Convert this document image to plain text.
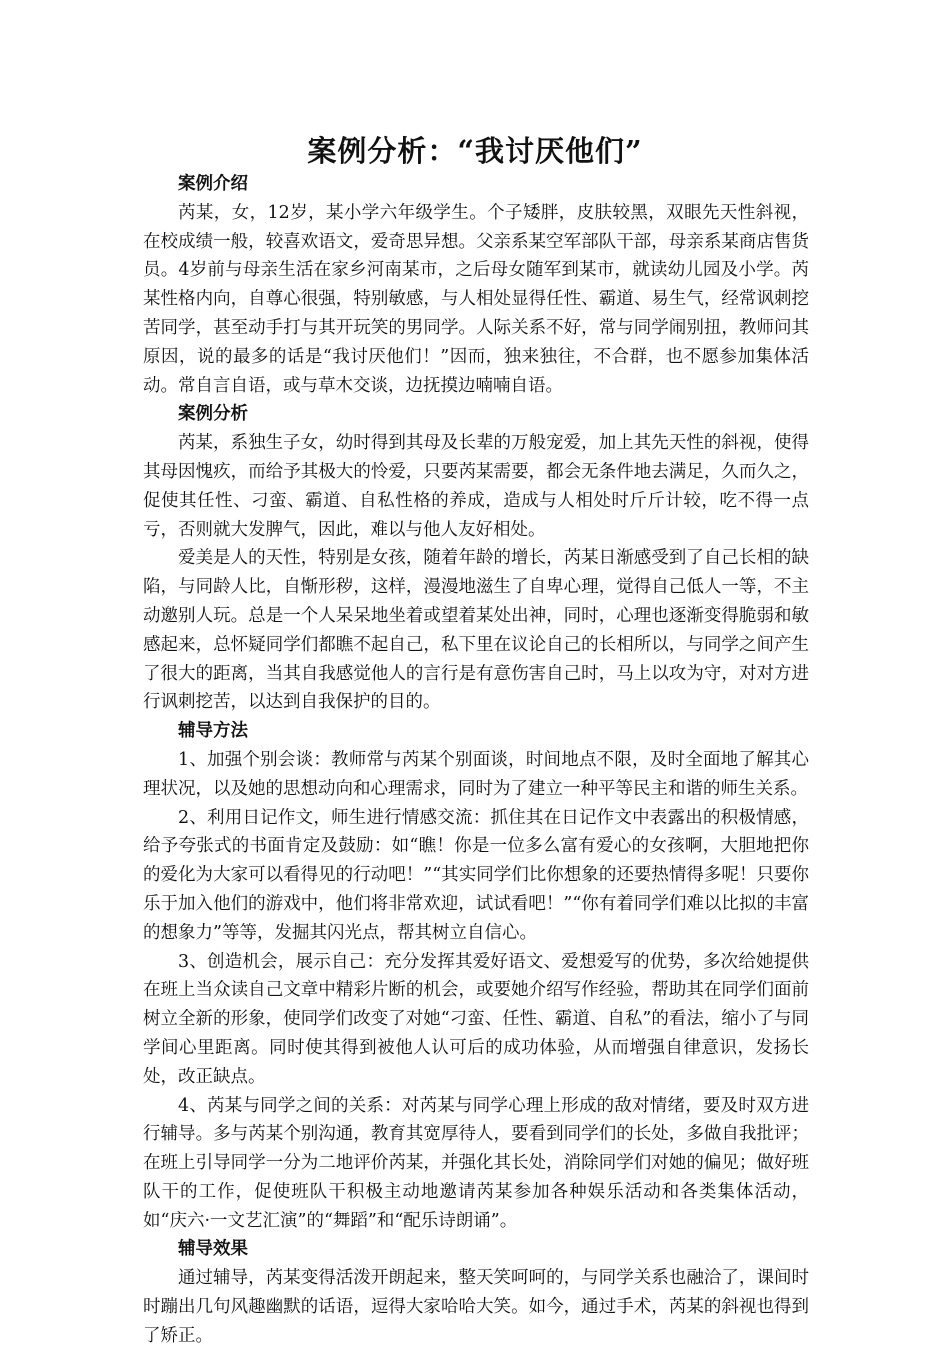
案例分析：“我讨厌他们”
案例介绍

芮某，女，12岁，某小学六年级学生。个子矮胖，皮肤较黑，双眼先天性斜视，在校成绩一般，较喜欢语文，爱奇思异想。父亲系某空军部队干部，母亲系某商店售货员。4岁前与母亲生活在家乡河南某市，之后母女随军到某市，就读幼儿园及小学。芮某性格内向，自尊心很强，特别敏感，与人相处显得任性、霸道、易生气，经常讽刺挖苦同学，甚至动手打与其开玩笑的男同学。人际关系不好，常与同学闹别扭，教师问其原因，说的最多的话是“我讨厌他们！”因而，独来独往，不合群，也不愿参加集体活动。常自言自语，或与草木交谈，边抚摸边喃喃自语。

案例分析

芮某，系独生子女，幼时得到其母及长辈的万般宠爱，加上其先天性的斜视，使得其母因愧疚，而给予其极大的怜爱，只要芮某需要，都会无条件地去满足，久而久之，促使其任性、刁蛮、霸道、自私性格的养成，造成与人相处时斤斤计较，吃不得一点亏，否则就大发脾气，因此，难以与他人友好相处。

爱美是人的天性，特别是女孩，随着年龄的增长，芮某日渐感受到了自己长相的缺陷，与同龄人比，自惭形秽，这样，漫漫地滋生了自卑心理，觉得自己低人一等，不主动邀别人玩。总是一个人呆呆地坐着或望着某处出神，同时，心理也逐渐变得脆弱和敏感起来，总怀疑同学们都瞧不起自己，私下里在议论自己的长相所以，与同学之间产生了很大的距离，当其自我感觉他人的言行是有意伤害自己时，马上以攻为守，对对方进行讽刺挖苦，以达到自我保护的目的。

辅导方法

1、加强个别会谈：教师常与芮某个别面谈，时间地点不限，及时全面地了解其心理状况，以及她的思想动向和心理需求，同时为了建立一种平等民主和谐的师生关系。

2、利用日记作文，师生进行情感交流：抓住其在日记作文中表露出的积极情感，给予夸张式的书面肯定及鼓励：如“瞧！你是一位多么富有爱心的女孩啊，大胆地把你的爱化为大家可以看得见的行动吧！”“其实同学们比你想象的还要热情得多呢！只要你乐于加入他们的游戏中，他们将非常欢迎，试试看吧！”“你有着同学们难以比拟的丰富的想象力”等等，发掘其闪光点，帮其树立自信心。

3、创造机会，展示自己：充分发挥其爱好语文、爱想爱写的优势，多次给她提供在班上当众读自己文章中精彩片断的机会，或要她介绍写作经验，帮助其在同学们面前树立全新的形象，使同学们改变了对她“刁蛮、任性、霸道、自私”的看法，缩小了与同学间心里距离。同时使其得到被他人认可后的成功体验，从而增强自律意识，发扬长处，改正缺点。

4、芮某与同学之间的关系：对芮某与同学心理上形成的敌对情绪，要及时双方进行辅导。多与芮某个别沟通，教育其宽厚待人，要看到同学们的长处，多做自我批评；在班上引导同学一分为二地评价芮某，并强化其长处，消除同学们对她的偏见；做好班队干的工作，促使班队干积极主动地邀请芮某参加各种娱乐活动和各类集体活动，如“庆六·一文艺汇演”的“舞蹈”和“配乐诗朗诵”。

辅导效果

通过辅导，芮某变得活泼开朗起来，整天笑呵呵的，与同学关系也融洽了，课间时时蹦出几句风趣幽默的话语，逗得大家哈哈大笑。如今，通过手术，芮某的斜视也得到了矫正。
